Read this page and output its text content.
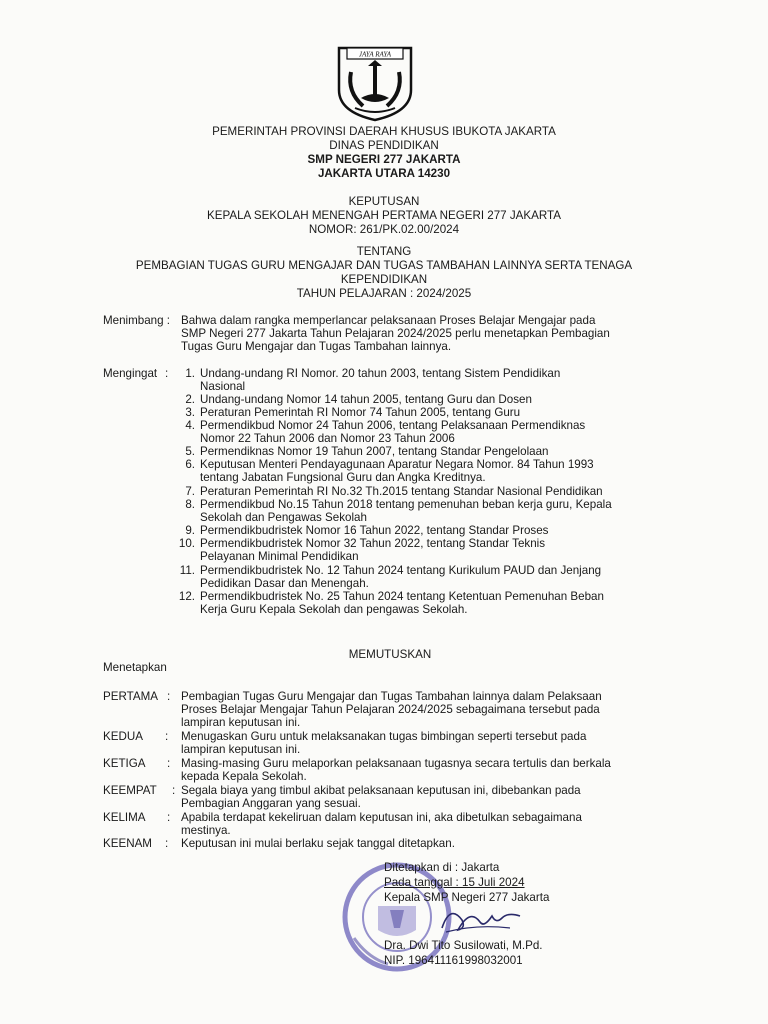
JAYA RAYA
PEMERINTAH PROVINSI DAERAH KHUSUS IBUKOTA JAKARTA
DINAS PENDIDIKAN
SMP NEGERI 277 JAKARTA
JAKARTA UTARA 14230
KEPUTUSAN
KEPALA SEKOLAH MENENGAH PERTAMA NEGERI 277 JAKARTA
NOMOR: 261/PK.02.00/2024
TENTANG
PEMBAGIAN TUGAS GURU MENGAJAR DAN TUGAS TAMBAHAN LAINNYA SERTA TENAGA
KEPENDIDIKAN
TAHUN PELAJARAN : 2024/2025
Menimbang : Bahwa dalam rangka memperlancar pelaksanaan Proses Belajar Mengajar pada
SMP Negeri 277 Jakarta Tahun Pelajaran 2024/2025 perlu menetapkan Pembagian
Tugas Guru Mengajar dan Tugas Tambahan lainnya.
Mengingat :	1. Undang-undang RI Nomor. 20 tahun 2003, tentang Sistem Pendidikan
Nasional
2. Undang-undang Nomor 14 tahun 2005, tentang Guru dan Dosen
3. Peraturan Pemerintah RI Nomor 74 Tahun 2005, tentang Guru
4. Permendikbud Nomor 24 Tahun 2006, tentang Pelaksanaan Permendiknas
Nomor 22 Tahun 2006 dan Nomor 23 Tahun 2006
5. Permendiknas Nomor 19 Tahun 2007, tentang Standar Pengelolaan
6. Keputusan Menteri Pendayagunaan Aparatur Negara Nomor. 84 Tahun 1993
tentang Jabatan Fungsional Guru dan Angka Kreditnya.
7. Peraturan Pemerintah RI No.32 Th.2015 tentang Standar Nasional Pendidikan
8. Permendikbud No.15 Tahun 2018 tentang pemenuhan beban kerja guru, Kepala
Sekolah dan Pengawas Sekolah
9. Permendikbudristek Nomor 16 Tahun 2022, tentang Standar Proses
10. Permendikbudristek Nomor 32 Tahun 2022, tentang Standar Teknis
Pelayanan Minimal Pendidikan
11. Permendikbudristek No. 12 Tahun 2024 tentang Kurikulum PAUD dan Jenjang
Pedidikan Dasar dan Menengah.
12. Permendikbudristek No. 25 Tahun 2024 tentang Ketentuan Pemenuhan Beban
Kerja Guru Kepala Sekolah dan pengawas Sekolah.
MEMUTUSKAN
Menetapkan
PERTAMA : Pembagian Tugas Guru Mengajar dan Tugas Tambahan lainnya dalam Pelaksaan
Proses Belajar Mengajar Tahun Pelajaran 2024/2025 sebagaimana tersebut pada
lampiran keputusan ini.
KEDUA : Menugaskan Guru untuk melaksanakan tugas bimbingan seperti tersebut pada
lampiran keputusan ini.
KETIGA : Masing-masing Guru melaporkan pelaksanaan tugasnya secara tertulis dan berkala
kepada Kepala Sekolah.
KEEMPAT : Segala biaya yang timbul akibat pelaksanaan keputusan ini, dibebankan pada
Pembagian Anggaran yang sesuai.
KELIMA : Apabila terdapat kekeliruan dalam keputusan ini, aka dibetulkan sebagaimana
mestinya.
KEENAM : Keputusan ini mulai berlaku sejak tanggal ditetapkan.
Ditetapkan di : Jakarta
Pada tanggal : 15 Juli 2024
Kepala SMP Negeri 277 Jakarta
Dra. Dwi Tito Susilowati, M.Pd.
NIP. 196411161998032001
